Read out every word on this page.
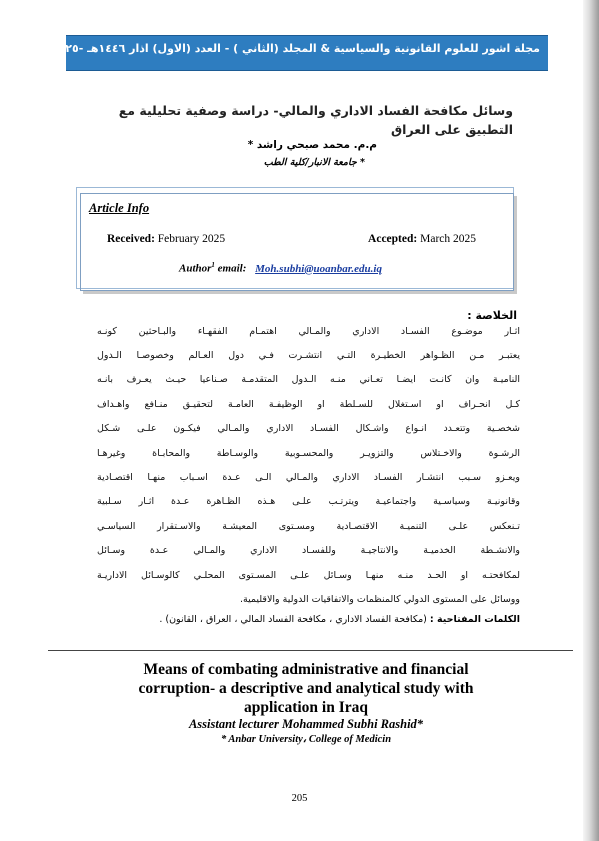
مجلة اشور للعلوم القانونية والسياسية & المجلد (الثاني ) - العدد (الاول) اذار ١٤٤٦هـ -٢٠٢٥ م
وسائل مكافحة الفساد الاداري والمالي- دراسة وصفية تحليلية مع التطبيق على العراق
م.م. محمد صبحي راشد *
* جامعة الانبار/كلية الطب
Article Info
Received: February 2025	Accepted: March 2025
Author$^1$ email: Moh.subhi@uoanbar.edu.iq
الخلاصة :
اثـار موضـوع الفسـاد الاداري والمـالي اهتمـام الفقهـاء والبـاحثين كونـه
يعتبـر مـن الظـواهر الخطيـرة التـي انتشـرت فـي دول العـالم وخصوصـا الـدول
الناميـة وان كانـت ايضـا تعـاني منـه الـدول المتقدمـة صـناعيا حيـث يعـرف بانـه
كـل انحـراف او اسـتغلال للسـلطة او الوظيفـة العامـة لتحقيـق منـافع واهـداف
شخصـية وتتعـدد انـواع واشـكال الفسـاد الاداري والمـالي فيكـون علـى شـكل
الرشـوة والاخـتلاس والتزويـر والمحسـوبية والوسـاطة والمحابـاة وغيرهـا
ويعـزو سـبب انتشـار الفسـاد الاداري والمـالي الـى عـدة اسـباب منهـا اقتصـادية
وقانونيـة وسياسـية واجتماعيـة ويترتـب علـى هـذه الظـاهرة عـدة اثـار سـلبية
تـنعكس علـى التنميـة الاقتصـادية ومسـتوى المعيشـة والاسـتقرار السياسـي
والانشـطة الخدميـة والانتاجيـة وللفسـاد الاداري والمـالي عـدة وسـائل
لمكافحتـه او الحـد منـه منهـا وسـائل علـى المسـتوى المحلـي كالوسـائل الاداريـة
ووسائل على المستوى الدولي كالمنظمات والاتفاقيات الدولية والاقليمية.
الكلمات المفتاحية : (مكافحة الفساد الاداري ، مكافحة الفساد المالي ، العراق ، القانون) .
Means of combating administrative and financial
corruption- a descriptive and analytical study with
application in Iraq
Assistant lecturer Mohammed Subhi Rashid*
* Anbar University، College of Medicin
205
